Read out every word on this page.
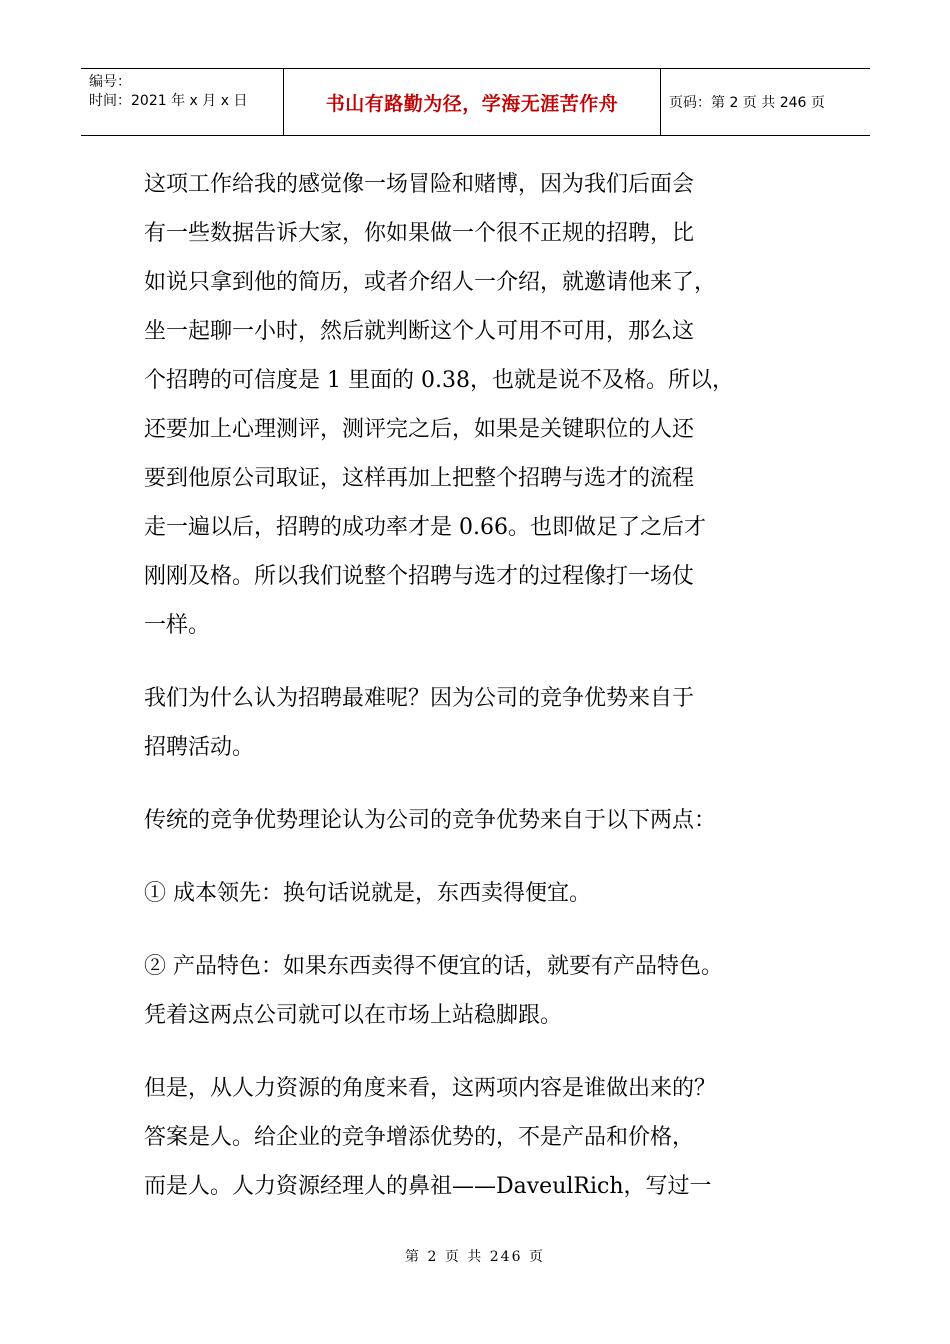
编号：
时间：2021 年 x 月 x 日	书山有路勤为径，学海无涯苦作舟	页码：第 2 页 共 246 页
这项工作给我的感觉像一场冒险和赌博，因为我们后面会
有一些数据告诉大家，你如果做一个很不正规的招聘，比
如说只拿到他的简历，或者介绍人一介绍，就邀请他来了，
坐一起聊一小时，然后就判断这个人可用不可用，那么这
个招聘的可信度是 1 里面的 0.38，也就是说不及格。所以，
还要加上心理测评，测评完之后，如果是关键职位的人还
要到他原公司取证，这样再加上把整个招聘与选才的流程
走一遍以后，招聘的成功率才是 0.66。也即做足了之后才
刚刚及格。所以我们说整个招聘与选才的过程像打一场仗
一样。
我们为什么认为招聘最难呢？因为公司的竞争优势来自于
招聘活动。
传统的竞争优势理论认为公司的竞争优势来自于以下两点：
① 成本领先：换句话说就是，东西卖得便宜。
② 产品特色：如果东西卖得不便宜的话，就要有产品特色。
凭着这两点公司就可以在市场上站稳脚跟。
但是，从人力资源的角度来看，这两项内容是谁做出来的？
答案是人。给企业的竞争增添优势的，不是产品和价格，
而是人。人力资源经理人的鼻祖——DaveulRich，写过一
第 2 页 共 246 页
